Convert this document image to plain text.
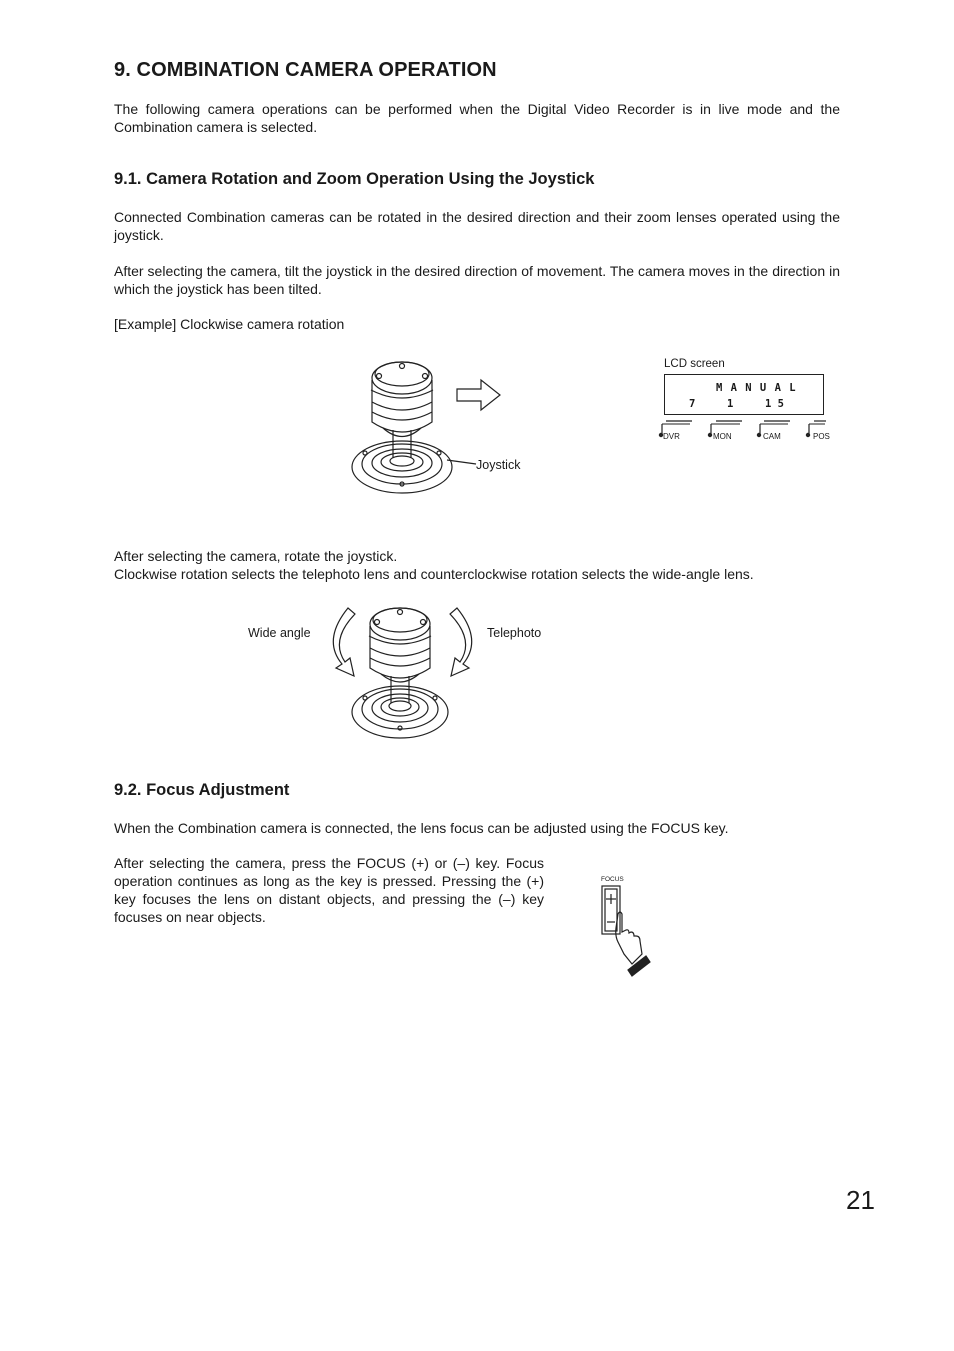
9. COMBINATION CAMERA OPERATION

The following camera operations can be performed when the Digital Video Recorder is in live mode and the Combination camera is selected.

9.1. Camera Rotation and Zoom Operation Using the Joystick

Connected Combination cameras can be rotated in the desired direction and their zoom lenses operated using the joystick.

After selecting the camera, tilt the joystick in the desired direction of movement. The camera moves in the direction in which the joystick has been tilted.

[Example] Clockwise camera rotation

Joystick
LCD screen
M A N U A L
7	1	1 5
DVR	MON	CAM	POS

After selecting the camera, rotate the joystick.

Clockwise rotation selects the telephoto lens and counterclockwise rotation selects the wide-angle lens.

Wide angle	Telephoto
9.2. Focus Adjustment

When the Combination camera is connected, the lens focus can be adjusted using the FOCUS key.

After selecting the camera, press the FOCUS (+) or (–) key. Focus operation continues as long as the key is pressed. Pressing the (+) key focuses the lens on distant objects, and pressing the (–) key focuses on near objects.

FOCUS
21
